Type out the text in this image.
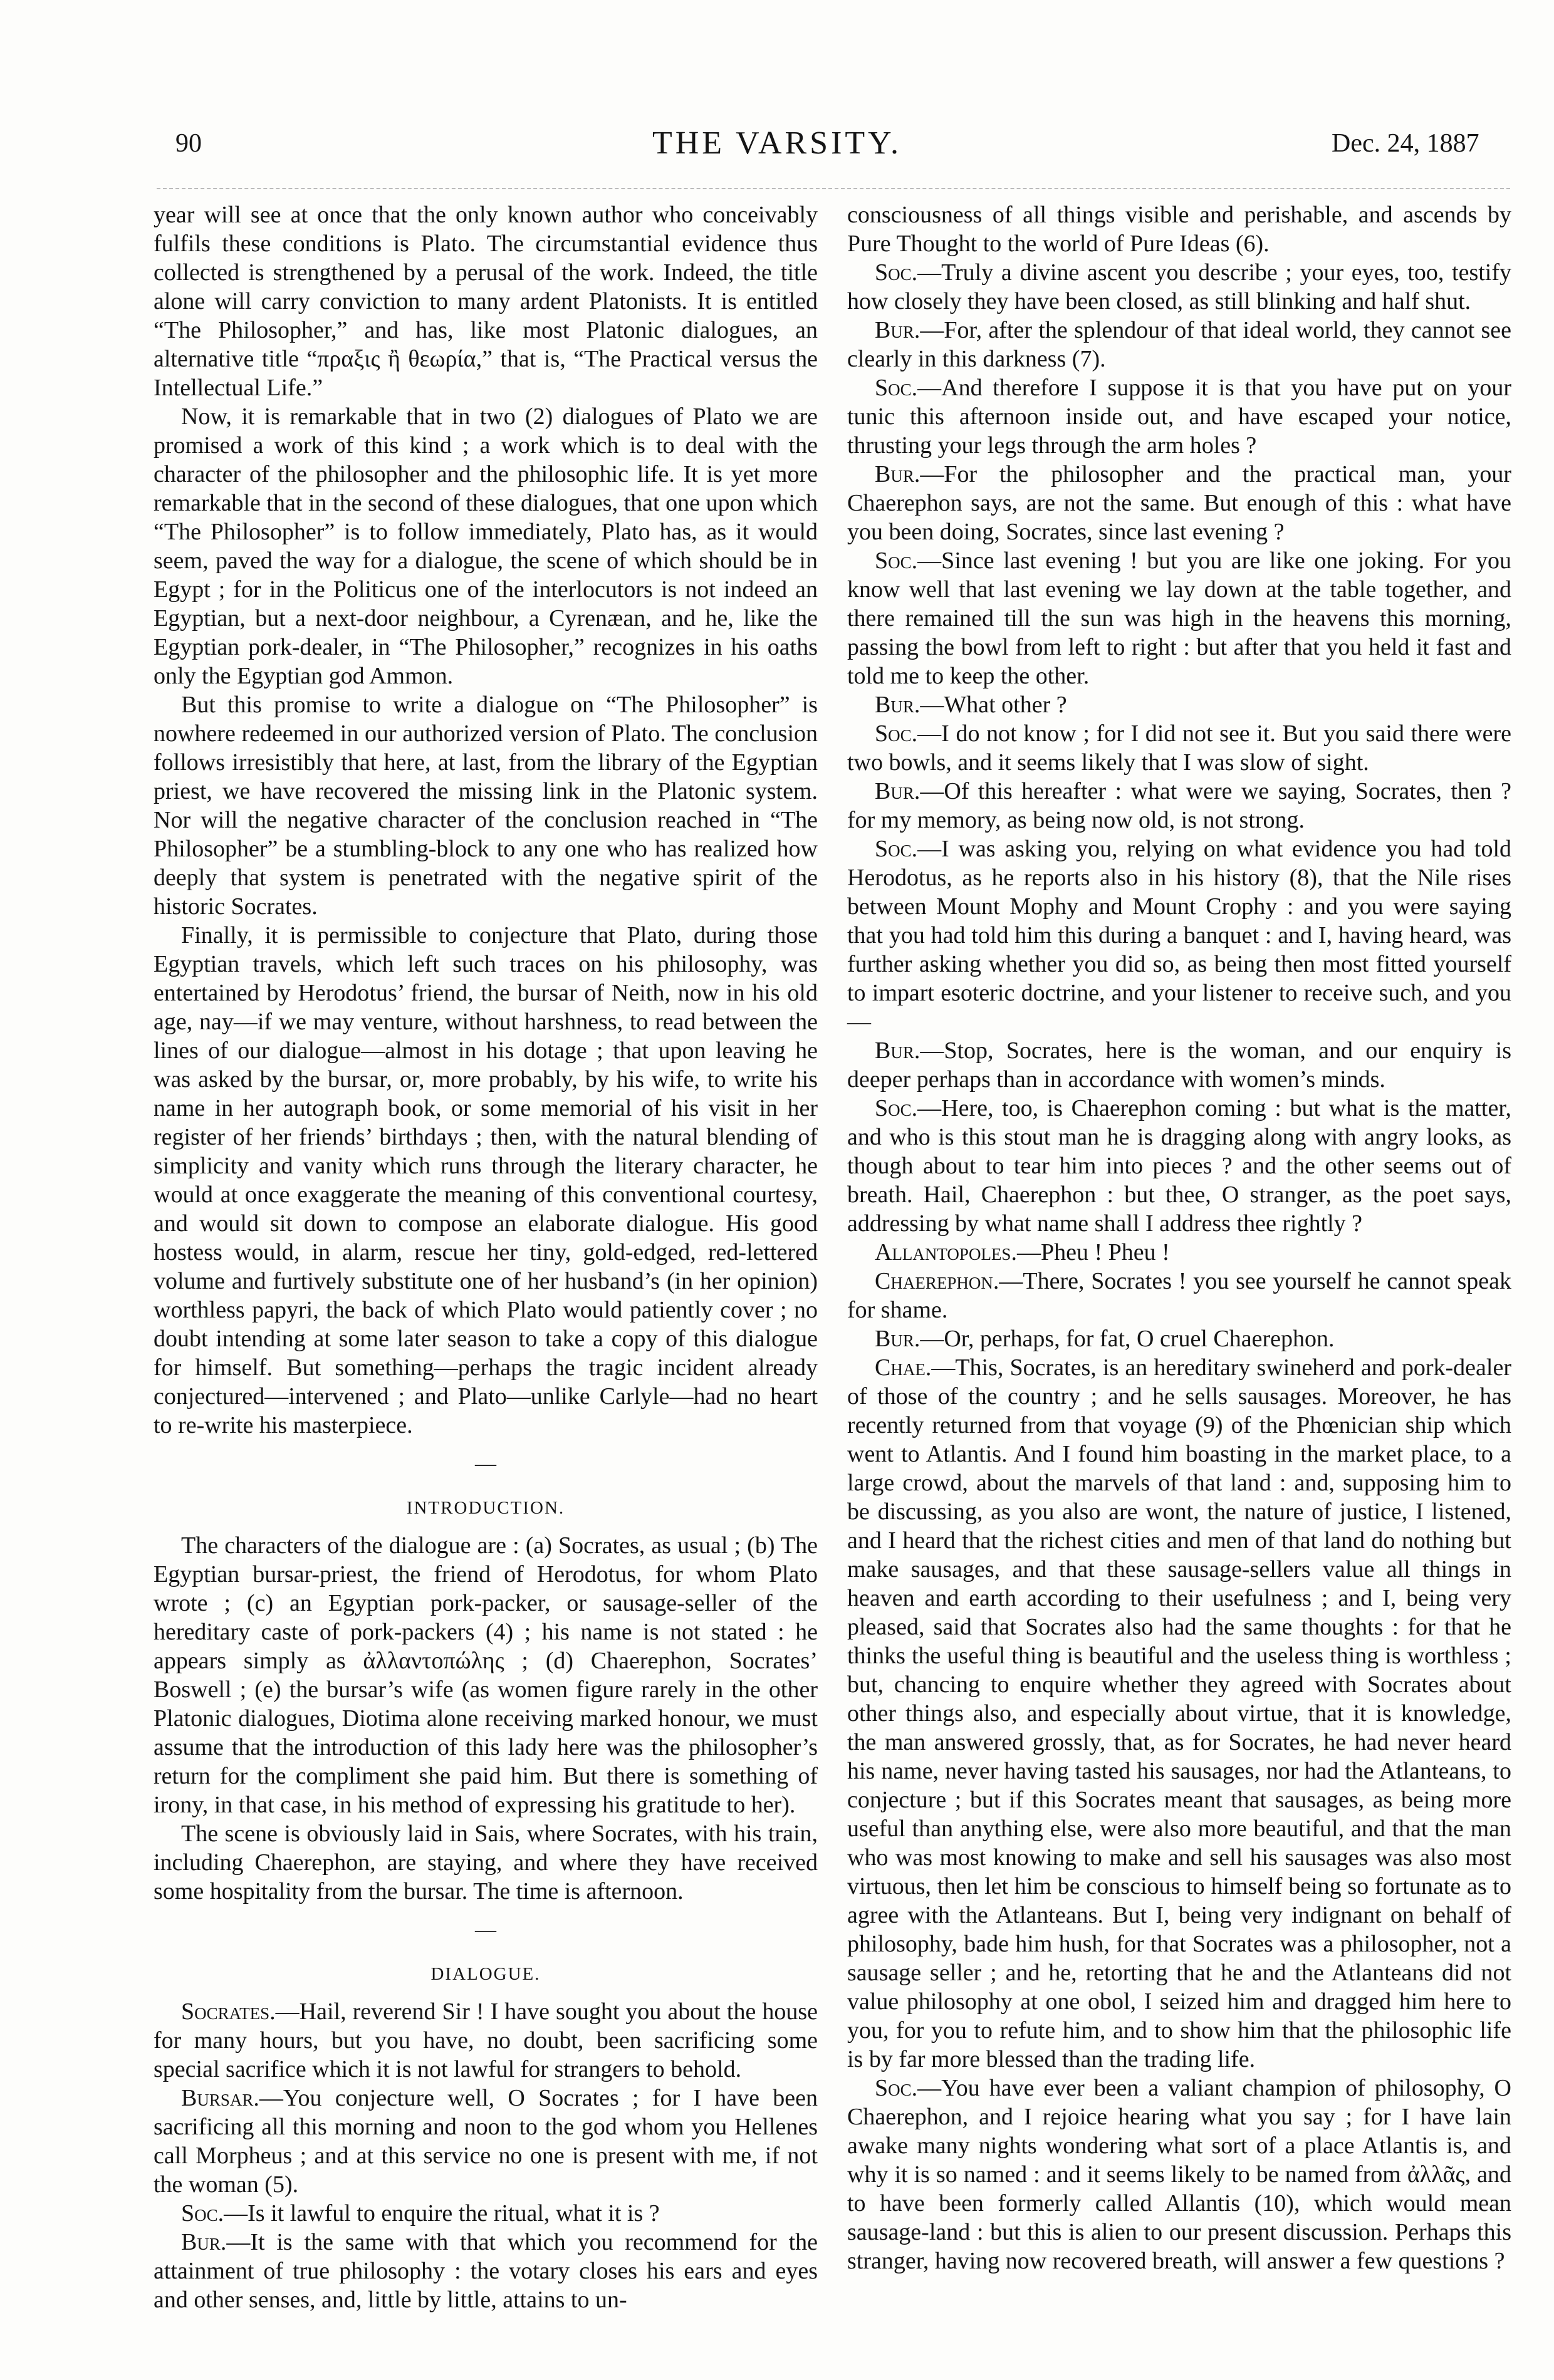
90	THE VARSITY.	Dec. 24, 1887

year will see at once that the only known author who conceivably fulfils these conditions is Plato. The circumstantial evidence thus collected is strengthened by a perusal of the work. Indeed, the title alone will carry conviction to many ardent Platonists. It is entitled “The Philosopher,” and has, like most Platonic dialogues, an alternative title “πραξις ἢ θεωρία,” that is, “The Practical versus the Intellectual Life.”

Now, it is remarkable that in two (2) dialogues of Plato we are promised a work of this kind ; a work which is to deal with the character of the philosopher and the philosophic life. It is yet more remarkable that in the second of these dialogues, that one upon which “The Philosopher” is to follow immediately, Plato has, as it would seem, paved the way for a dialogue, the scene of which should be in Egypt ; for in the Politicus one of the interlocutors is not indeed an Egyptian, but a next-door neighbour, a Cyrenæan, and he, like the Egyptian pork-dealer, in “The Philosopher,” recognizes in his oaths only the Egyptian god Ammon.

But this promise to write a dialogue on “The Philosopher” is nowhere redeemed in our authorized version of Plato. The conclusion follows irresistibly that here, at last, from the library of the Egyptian priest, we have recovered the missing link in the Platonic system. Nor will the negative character of the conclusion reached in “The Philosopher” be a stumbling-block to any one who has realized how deeply that system is penetrated with the negative spirit of the historic Socrates.

Finally, it is permissible to conjecture that Plato, during those Egyptian travels, which left such traces on his philosophy, was entertained by Herodotus’ friend, the bursar of Neith, now in his old age, nay—if we may venture, without harshness, to read between the lines of our dialogue—almost in his dotage ; that upon leaving he was asked by the bursar, or, more probably, by his wife, to write his name in her autograph book, or some memorial of his visit in her register of her friends’ birthdays ; then, with the natural blending of simplicity and vanity which runs through the literary character, he would at once exaggerate the meaning of this conventional courtesy, and would sit down to compose an elaborate dialogue. His good hostess would, in alarm, rescue her tiny, gold-edged, red-lettered volume and furtively substitute one of her husband’s (in her opinion) worthless papyri, the back of which Plato would patiently cover ; no doubt intending at some later season to take a copy of this dialogue for himself. But something—perhaps the tragic incident already conjectured—intervened ; and Plato—unlike Carlyle—had no heart to re-write his masterpiece.

—

INTRODUCTION.

The characters of the dialogue are : (a) Socrates, as usual ; (b) The Egyptian bursar-priest, the friend of Herodotus, for whom Plato wrote ; (c) an Egyptian pork-packer, or sausage-seller of the hereditary caste of pork-packers (4) ; his name is not stated : he appears simply as ἀλλαντοπώλης ; (d) Chaerephon, Socrates’ Boswell ; (e) the bursar’s wife (as women figure rarely in the other Platonic dialogues, Diotima alone receiving marked honour, we must assume that the introduction of this lady here was the philosopher’s return for the compliment she paid him. But there is something of irony, in that case, in his method of expressing his gratitude to her).

The scene is obviously laid in Sais, where Socrates, with his train, including Chaerephon, are staying, and where they have received some hospitality from the bursar. The time is afternoon.

—

DIALOGUE.

Socrates.—Hail, reverend Sir ! I have sought you about the house for many hours, but you have, no doubt, been sacrificing some special sacrifice which it is not lawful for strangers to behold.

Bursar.—You conjecture well, O Socrates ; for I have been sacrificing all this morning and noon to the god whom you Hellenes call Morpheus ; and at this service no one is present with me, if not the woman (5).

Soc.—Is it lawful to enquire the ritual, what it is ?

Bur.—It is the same with that which you recommend for the attainment of true philosophy : the votary closes his ears and eyes and other senses, and, little by little, attains to un-

consciousness of all things visible and perishable, and ascends by Pure Thought to the world of Pure Ideas (6).

Soc.—Truly a divine ascent you describe ; your eyes, too, testify how closely they have been closed, as still blinking and half shut.

Bur.—For, after the splendour of that ideal world, they cannot see clearly in this darkness (7).

Soc.—And therefore I suppose it is that you have put on your tunic this afternoon inside out, and have escaped your notice, thrusting your legs through the arm holes ?

Bur.—For the philosopher and the practical man, your Chaerephon says, are not the same. But enough of this : what have you been doing, Socrates, since last evening ?

Soc.—Since last evening ! but you are like one joking. For you know well that last evening we lay down at the table together, and there remained till the sun was high in the heavens this morning, passing the bowl from left to right : but after that you held it fast and told me to keep the other.

Bur.—What other ?

Soc.—I do not know ; for I did not see it. But you said there were two bowls, and it seems likely that I was slow of sight.

Bur.—Of this hereafter : what were we saying, Socrates, then ? for my memory, as being now old, is not strong.

Soc.—I was asking you, relying on what evidence you had told Herodotus, as he reports also in his history (8), that the Nile rises between Mount Mophy and Mount Crophy : and you were saying that you had told him this during a banquet : and I, having heard, was further asking whether you did so, as being then most fitted yourself to impart esoteric doctrine, and your listener to receive such, and you—

Bur.—Stop, Socrates, here is the woman, and our enquiry is deeper perhaps than in accordance with women’s minds.

Soc.—Here, too, is Chaerephon coming : but what is the matter, and who is this stout man he is dragging along with angry looks, as though about to tear him into pieces ? and the other seems out of breath. Hail, Chaerephon : but thee, O stranger, as the poet says, addressing by what name shall I address thee rightly ?

Allantopoles.—Pheu ! Pheu !

Chaerephon.—There, Socrates ! you see yourself he cannot speak for shame.

Bur.—Or, perhaps, for fat, O cruel Chaerephon.

Chae.—This, Socrates, is an hereditary swineherd and pork-dealer of those of the country ; and he sells sausages. Moreover, he has recently returned from that voyage (9) of the Phœnician ship which went to Atlantis. And I found him boasting in the market place, to a large crowd, about the marvels of that land : and, supposing him to be discussing, as you also are wont, the nature of justice, I listened, and I heard that the richest cities and men of that land do nothing but make sausages, and that these sausage-sellers value all things in heaven and earth according to their usefulness ; and I, being very pleased, said that Socrates also had the same thoughts : for that he thinks the useful thing is beautiful and the useless thing is worthless ; but, chancing to enquire whether they agreed with Socrates about other things also, and especially about virtue, that it is knowledge, the man answered grossly, that, as for Socrates, he had never heard his name, never having tasted his sausages, nor had the Atlanteans, to conjecture ; but if this Socrates meant that sausages, as being more useful than anything else, were also more beautiful, and that the man who was most knowing to make and sell his sausages was also most virtuous, then let him be conscious to himself being so fortunate as to agree with the Atlanteans. But I, being very indignant on behalf of philosophy, bade him hush, for that Socrates was a philosopher, not a sausage seller ; and he, retorting that he and the Atlanteans did not value philosophy at one obol, I seized him and dragged him here to you, for you to refute him, and to show him that the philosophic life is by far more blessed than the trading life.

Soc.—You have ever been a valiant champion of philosophy, O Chaerephon, and I rejoice hearing what you say ; for I have lain awake many nights wondering what sort of a place Atlantis is, and why it is so named : and it seems likely to be named from ἀλλᾶς, and to have been formerly called Allantis (10), which would mean sausage-land : but this is alien to our present discussion. Perhaps this stranger, having now recovered breath, will answer a few questions ?
